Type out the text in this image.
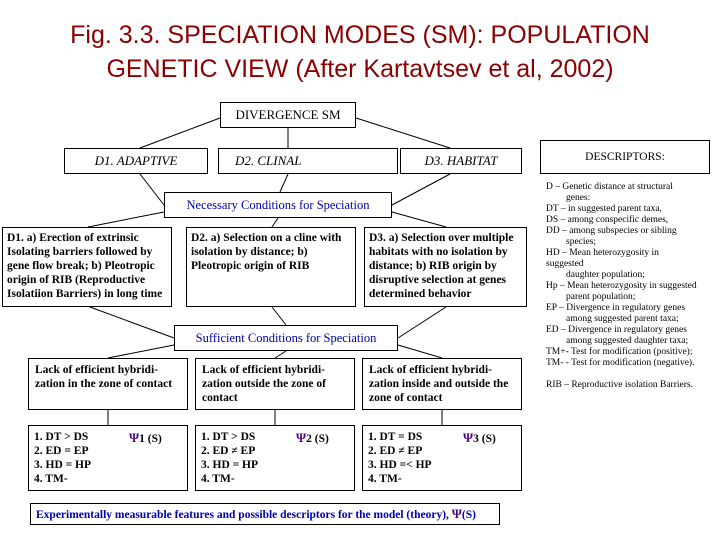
Fig. 3.3. SPECIATION MODES (SM): POPULATION
GENETIC VIEW (After Kartavtsev et al, 2002)
DIVERGENCE SM
D1. ADAPTIVE	D2. CLINAL	D3. HABITAT
Necessary Conditions for Speciation
D1. a) Erection of extrinsic Isolating barriers followed by gene flow break; b) Pleotropic origin of RIB (Reproductive Isolatiion Barriers) in long time
D2. a) Selection on a cline with isolation by distance; b) Pleotropic origin of RIB
D3. a) Selection over multiple habitats with no isolation by distance; b) RIB origin by disruptive selection at genes determined behavior
Sufficient Conditions for Speciation
Lack of efficient hybridi-zation in the zone of contact
Lack of efficient hybridi-zation outside the zone of contact
Lack of efficient hybridi-zation inside and outside the zone of contact
1. DT > DS
2. ED = EP
3. HD = HP
4. TM-
Ψ1 (S)	1. DT > DS
2. ED ≠ EP
3. HD = HP
4. TM-
Ψ2 (S)	1. DT = DS
2. ED ≠ EP
3. HD =< HP
4. TM-
Ψ3 (S)
Experimentally measurable features and possible descriptors for the model (theory), Ψ(S)
DESCRIPTORS:
D – Genetic distance at structural
genes:
DT – in suggested parent taxa,
DS – among conspecific demes,
DD – among subspecies or sibling
species;
HD – Mean heterozygosity in
suggested
daughter population;
Hp – Mean heterozygosity in suggested
parent population;
EP – Divergence in regulatory genes
among suggested parent taxa;
ED – Divergence in regulatory genes
among suggested daughter taxa;
TM+- Test for modification (positive);
TM- - Test for modification (negative).
RIB – Reproductive isolation Barriers.
